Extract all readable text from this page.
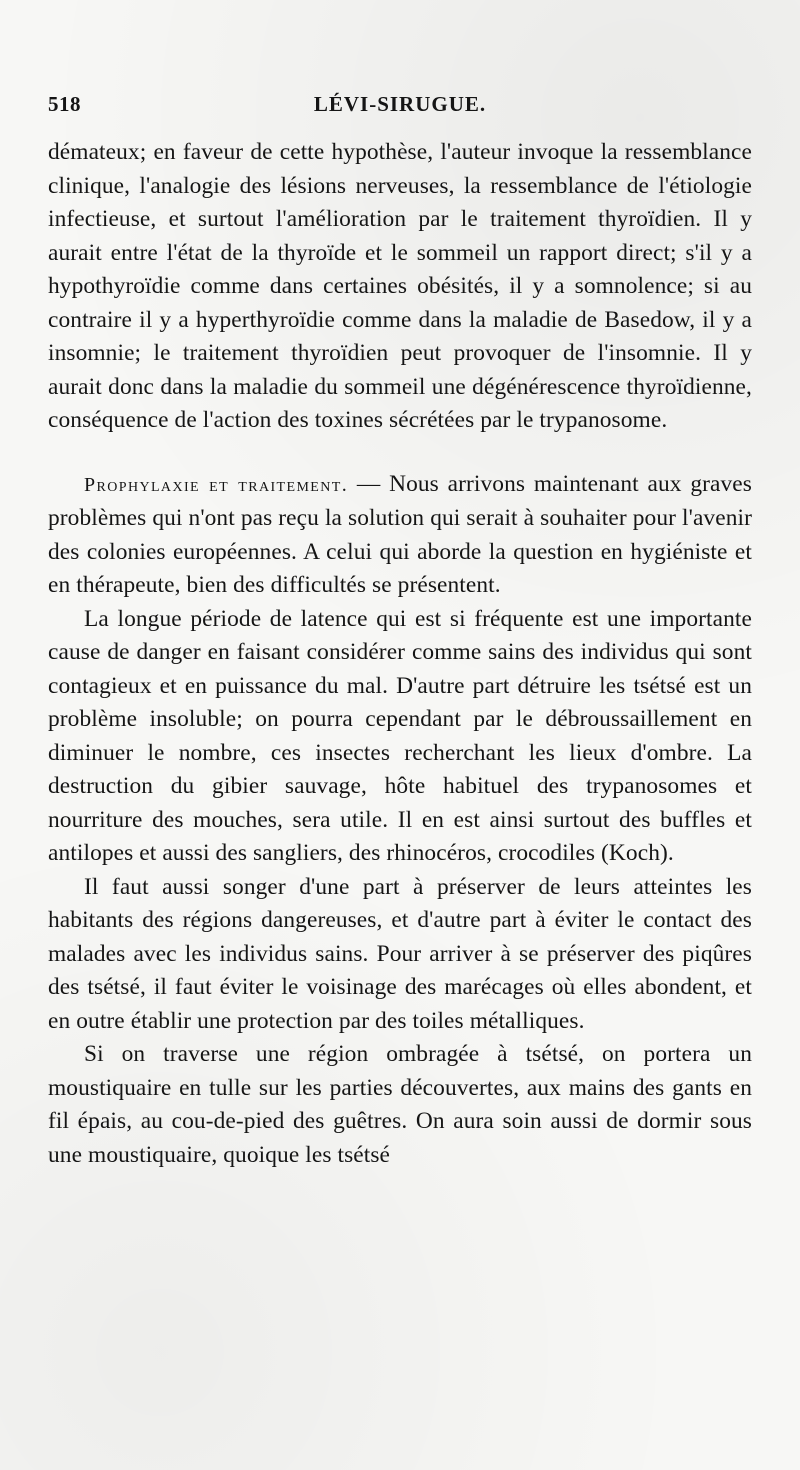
518	LÉVI-SIRUGUE.

démateux; en faveur de cette hypothèse, l'auteur invoque la ressemblance clinique, l'analogie des lésions nerveuses, la ressemblance de l'étiologie infectieuse, et surtout l'amélioration par le traitement thyroïdien. Il y aurait entre l'état de la thyroïde et le sommeil un rapport direct; s'il y a hypothyroïdie comme dans certaines obésités, il y a somnolence; si au contraire il y a hyperthyroïdie comme dans la maladie de Basedow, il y a insomnie; le traitement thyroïdien peut provoquer de l'insomnie. Il y aurait donc dans la maladie du sommeil une dégénérescence thyroïdienne, conséquence de l'action des toxines sécrétées par le trypanosome.

Prophylaxie et traitement. — Nous arrivons maintenant aux graves problèmes qui n'ont pas reçu la solution qui serait à souhaiter pour l'avenir des colonies européennes. A celui qui aborde la question en hygiéniste et en thérapeute, bien des difficultés se présentent.

La longue période de latence qui est si fréquente est une importante cause de danger en faisant considérer comme sains des individus qui sont contagieux et en puissance du mal. D'autre part détruire les tsétsé est un problème insoluble; on pourra cependant par le débroussaillement en diminuer le nombre, ces insectes recherchant les lieux d'ombre. La destruction du gibier sauvage, hôte habituel des trypanosomes et nourriture des mouches, sera utile. Il en est ainsi surtout des buffles et antilopes et aussi des sangliers, des rhinocéros, crocodiles (Koch).

Il faut aussi songer d'une part à préserver de leurs atteintes les habitants des régions dangereuses, et d'autre part à éviter le contact des malades avec les individus sains. Pour arriver à se préserver des piqûres des tsétsé, il faut éviter le voisinage des marécages où elles abondent, et en outre établir une protection par des toiles métalliques.

Si on traverse une région ombragée à tsétsé, on portera un moustiquaire en tulle sur les parties découvertes, aux mains des gants en fil épais, au cou-de-pied des guêtres. On aura soin aussi de dormir sous une moustiquaire, quoique les tsétsé
